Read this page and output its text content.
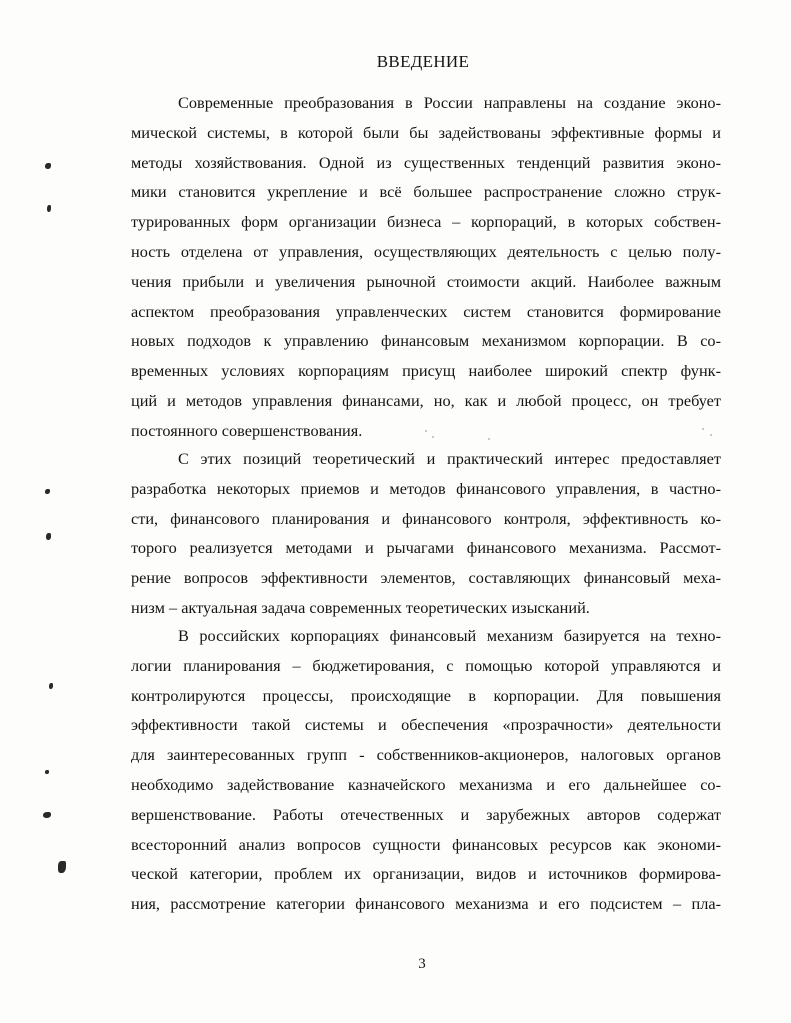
ВВЕДЕНИЕ
Современные преобразования в России направлены на создание эконо-
мической системы, в которой были бы задействованы эффективные формы и
методы хозяйствования. Одной из существенных тенденций развития эконо-
мики становится укрепление и всё большее распространение сложно струк-
турированных форм организации бизнеса – корпораций, в которых собствен-
ность отделена от управления, осуществляющих деятельность с целью полу-
чения прибыли и увеличения рыночной стоимости акций. Наиболее важным
аспектом преобразования управленческих систем становится формирование
новых подходов к управлению финансовым механизмом корпорации. В со-
временных условиях корпорациям присущ наиболее широкий спектр функ-
ций и методов управления финансами, но, как и любой процесс, он требует
постоянного совершенствования.
С этих позиций теоретический и практический интерес предоставляет
разработка некоторых приемов и методов финансового управления, в частно-
сти, финансового планирования и финансового контроля, эффективность ко-
торого реализуется методами и рычагами финансового механизма. Рассмот-
рение вопросов эффективности элементов, составляющих финансовый меха-
низм – актуальная задача современных теоретических изысканий.
В российских корпорациях финансовый механизм базируется на техно-
логии планирования – бюджетирования, с помощью которой управляются и
контролируются процессы, происходящие в корпорации. Для повышения
эффективности такой системы и обеспечения «прозрачности» деятельности
для заинтересованных групп - собственников-акционеров, налоговых органов
необходимо задействование казначейского механизма и его дальнейшее со-
вершенствование. Работы отечественных и зарубежных авторов содержат
всесторонний анализ вопросов сущности финансовых ресурсов как экономи-
ческой категории, проблем их организации, видов и источников формирова-
ния, рассмотрение категории финансового механизма и его подсистем – пла-
3
